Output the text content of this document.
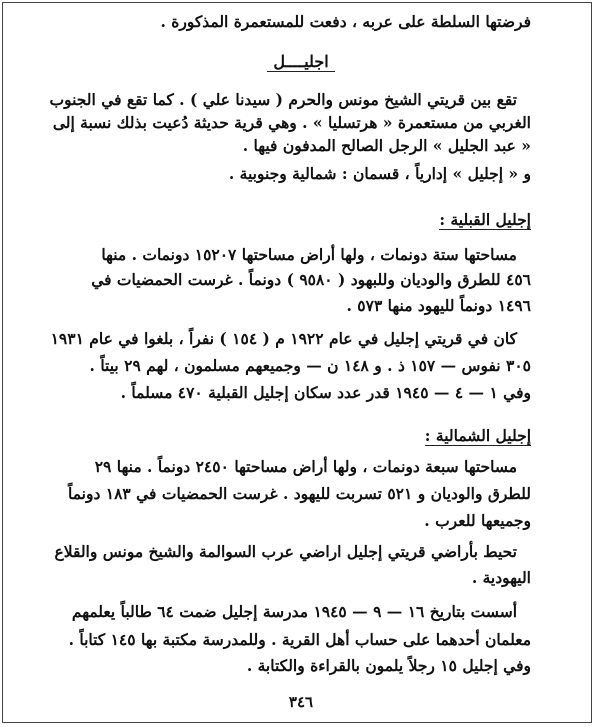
فرضتها السلطة على عربه ، دفعت للمستعمرة المذكورة .
اجليــــل
تقع بين قريتي الشيخ مونس والحرم ( سيدنا علي ) . كما تقع في الجنوب
الغربي من مستعمرة « هرتسليا » . وهي قرية حديثة دُعيت بذلك نسبة إلى
« عبد الجليل » الرجل الصالح المدفون فيها .
و « إجليل » إدارياً ، قسمان : شمالية وجنوبية .
إجليل القبلية :
مساحتها ستة دونمات ، ولها أراض مساحتها ١٥٢٠٧ دونمات . منها
٤٥٦ للطرق والوديان وللبهود ( ٩٥٨٠ ) دونماً . غرست الحمضيات في
١٤٩٦ دونماً لليهود منها ٥٧٣ .
كان في قريتي إجليل في عام ١٩٢٢ م ( ١٥٤ ) نفراً ، بلغوا في عام ١٩٣١
٣٠٥ نفوس — ١٥٧ ذ . و ١٤٨ ن — وجميعهم مسلمون ، لهم ٢٩ بيتاً .
وفي ١ — ٤ — ١٩٤٥ قدر عدد سكان إجليل القبلية ٤٧٠ مسلماً .
إجليل الشمالية :
مساحتها سبعة دونمات ، ولها أراض مساحتها ٢٤٥٠ دونماً . منها ٢٩
للطرق والوديان و ٥٢١ تسربت لليهود . غرست الحمضيات في ١٨٣ دونماً
وجميعها للعرب .
تحيط بأراضي قريتي إجليل اراضي عرب السوالمة والشيخ مونس والقلاع
اليهودية .
أسست بتاريخ ١٦ — ٩ — ١٩٤٥ مدرسة إجليل ضمت ٦٤ طالباً يعلمهم
معلمان أحدهما على حساب أهل القرية . وللمدرسة مكتبة بها ١٤٥ كتاباً .
وفي إجليل ١٥ رجلاً يلمون بالقراءة والكتابة .
٣٤٦
